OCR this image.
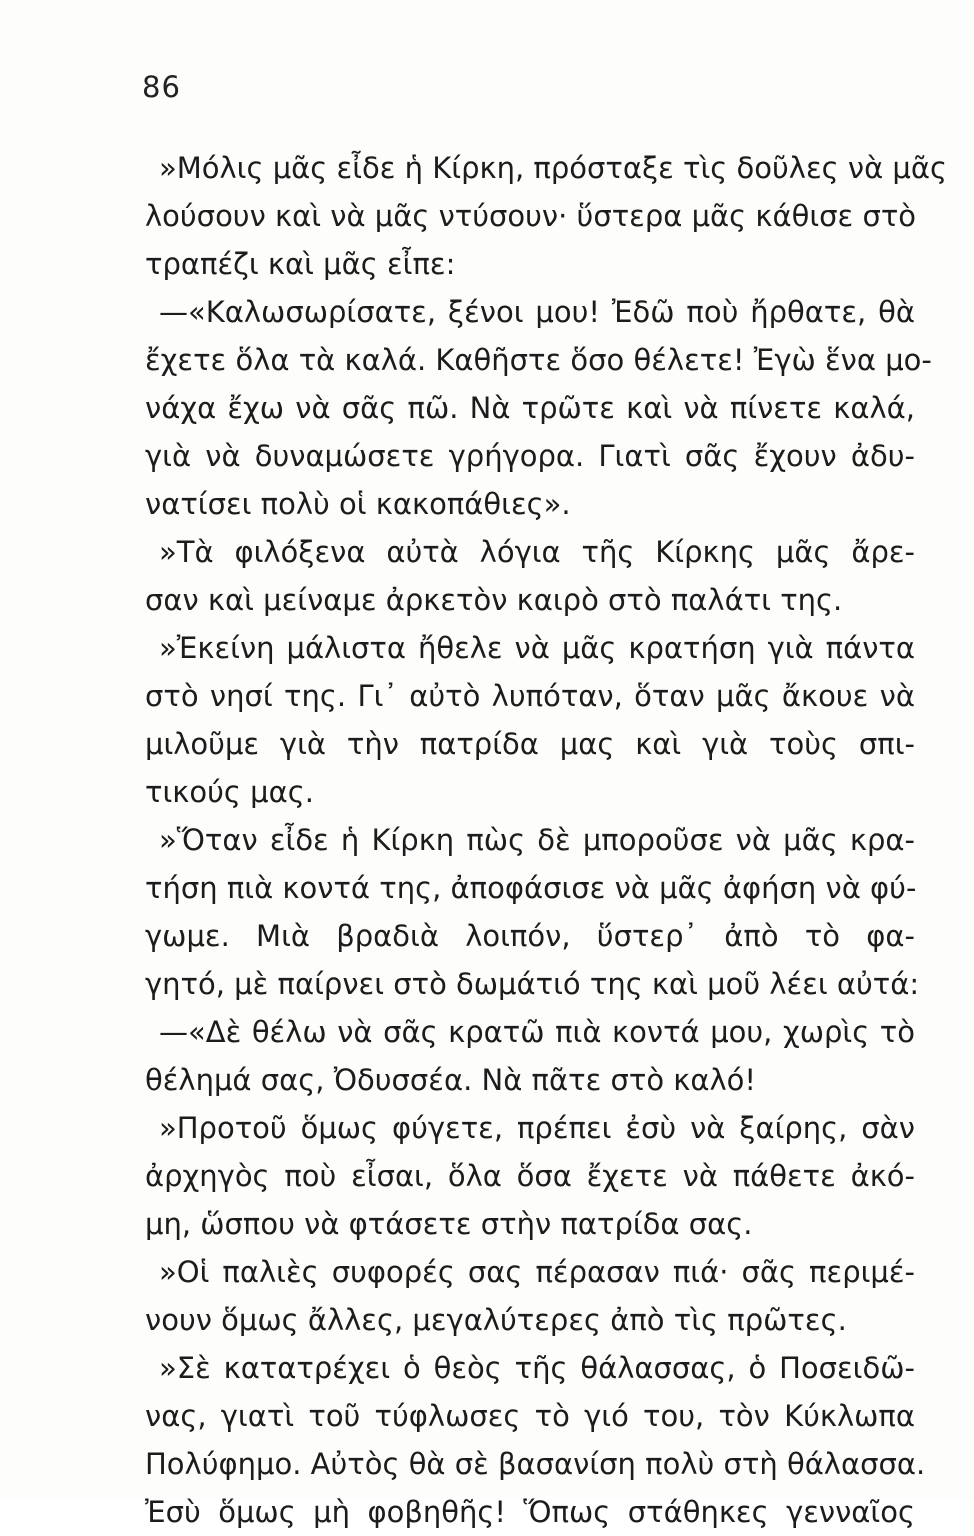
86
»Μόλις μᾶς εἶδε ἡ Κίρκη, πρόσταξε τὶς δοῦλες νὰ μᾶς
λούσουν καὶ νὰ μᾶς ντύσουν· ὕστερα μᾶς κάθισε στὸ
τραπέζι καὶ μᾶς εἶπε:
—«Καλωσωρίσατε, ξένοι μου! Ἐδῶ ποὺ ἤρθατε, θὰ
ἔχετε ὅλα τὰ καλά. Καθῆστε ὅσο θέλετε! Ἐγὼ ἕνα μο-
νάχα ἔχω νὰ σᾶς πῶ. Νὰ τρῶτε καὶ νὰ πίνετε καλά,
γιὰ νὰ δυναμώσετε γρήγορα. Γιατὶ σᾶς ἔχουν ἀδυ-
νατίσει πολὺ οἱ κακοπάθιες».
»Τὰ φιλόξενα αὐτὰ λόγια τῆς Κίρκης μᾶς ἄρε-
σαν καὶ μείναμε ἀρκετὸν καιρὸ στὸ παλάτι της.
»Ἐκείνη μάλιστα ἤθελε νὰ μᾶς κρατήση γιὰ πάντα
στὸ νησί της. Γι᾽ αὐτὸ λυπόταν, ὅταν μᾶς ἄκουε νὰ
μιλοῦμε γιὰ τὴν πατρίδα μας καὶ γιὰ τοὺς σπι-
τικούς μας.
»Ὅταν εἶδε ἡ Κίρκη πὼς δὲ μποροῦσε νὰ μᾶς κρα-
τήση πιὰ κοντά της, ἀποφάσισε νὰ μᾶς ἀφήση νὰ φύ-
γωμε. Μιὰ βραδιὰ λοιπόν, ὕστερ᾽ ἀπὸ τὸ φα-
γητό, μὲ παίρνει στὸ δωμάτιό της καὶ μοῦ λέει αὐτά:
—«Δὲ θέλω νὰ σᾶς κρατῶ πιὰ κοντά μου, χωρὶς τὸ
θέλημά σας, Ὀδυσσέα. Νὰ πᾶτε στὸ καλό!
»Προτοῦ ὅμως φύγετε, πρέπει ἐσὺ νὰ ξαίρης, σὰν
ἀρχηγὸς ποὺ εἶσαι, ὅλα ὅσα ἔχετε νὰ πάθετε ἀκό-
μη, ὥσπου νὰ φτάσετε στὴν πατρίδα σας.
»Οἱ παλιὲς συφορές σας πέρασαν πιά· σᾶς περιμέ-
νουν ὅμως ἄλλες, μεγαλύτερες ἀπὸ τὶς πρῶτες.
»Σὲ κατατρέχει ὁ θεὸς τῆς θάλασσας, ὁ Ποσειδῶ-
νας, γιατὶ τοῦ τύφλωσες τὸ γιό του, τὸν Κύκλωπα
Πολύφημο. Αὐτὸς θὰ σὲ βασανίση πολὺ στὴ θάλασσα.
Ἐσὺ ὅμως μὴ φοβηθῆς! Ὅπως στάθηκες γενναῖος
